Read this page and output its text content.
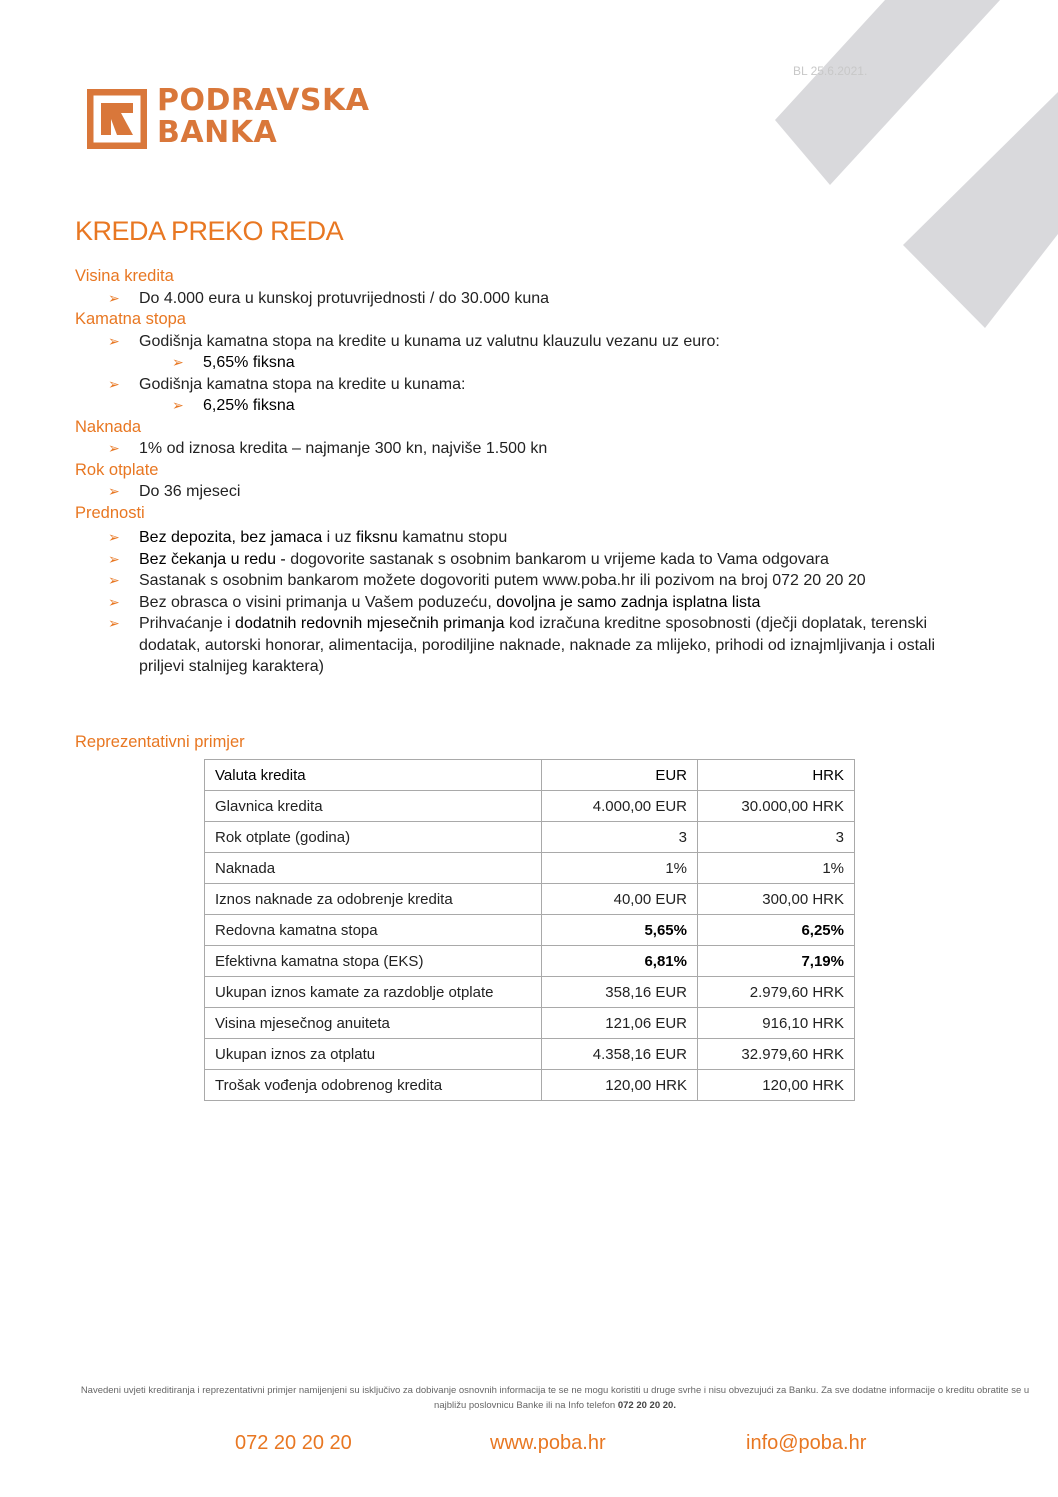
BL 25.6.2021.
PODRAVSKA
BANKA
KREDA PREKO REDA
Visina kredita
➢ Do 4.000 eura u kunskoj protuvrijednosti / do 30.000 kuna
Kamatna stopa
➢ Godišnja kamatna stopa na kredite u kunama uz valutnu klauzulu vezanu uz euro:
➢ 5,65% fiksna
➢ Godišnja kamatna stopa na kredite u kunama:
➢ 6,25% fiksna
Naknada
➢ 1% od iznosa kredita – najmanje 300 kn, najviše 1.500 kn
Rok otplate
➢ Do 36 mjeseci
Prednosti
➢ Bez depozita, bez jamaca i uz fiksnu kamatnu stopu
➢ Bez čekanja u redu - dogovorite sastanak s osobnim bankarom u vrijeme kada to Vama odgovara
➢ Sastanak s osobnim bankarom možete dogovoriti putem www.poba.hr ili pozivom na broj 072 20 20 20
➢ Bez obrasca o visini primanja u Vašem poduzeću, dovoljna je samo zadnja isplatna lista
➢ Prihvaćanje i dodatnih redovnih mjesečnih primanja kod izračuna kreditne sposobnosti (dječji doplatak, terenski dodatak, autorski honorar, alimentacija, porodiljine naknade, naknade za mlijeko, prihodi od iznajmljivanja i ostali priljevi stalnijeg karaktera)
Reprezentativni primjer
Valuta kredita	EUR	HRK
Glavnica kredita	4.000,00 EUR	30.000,00 HRK
Rok otplate (godina)	3	3
Naknada	1%	1%
Iznos naknade za odobrenje kredita	40,00 EUR	300,00 HRK
Redovna kamatna stopa	5,65%	6,25%
Efektivna kamatna stopa (EKS)	6,81%	7,19%
Ukupan iznos kamate za razdoblje otplate	358,16 EUR	2.979,60 HRK
Visina mjesečnog anuiteta	121,06 EUR	916,10 HRK
Ukupan iznos za otplatu	4.358,16 EUR	32.979,60 HRK
Trošak vođenja odobrenog kredita	120,00 HRK	120,00 HRK
Navedeni uvjeti kreditiranja i reprezentativni primjer namijenjeni su isključivo za dobivanje osnovnih informacija te se ne mogu koristiti u druge svrhe i nisu obvezujući za Banku. Za sve dodatne informacije o kreditu obratite se u najbližu poslovnicu Banke ili na Info telefon 072 20 20 20.
072 20 20 20	www.poba.hr	info@poba.hr
